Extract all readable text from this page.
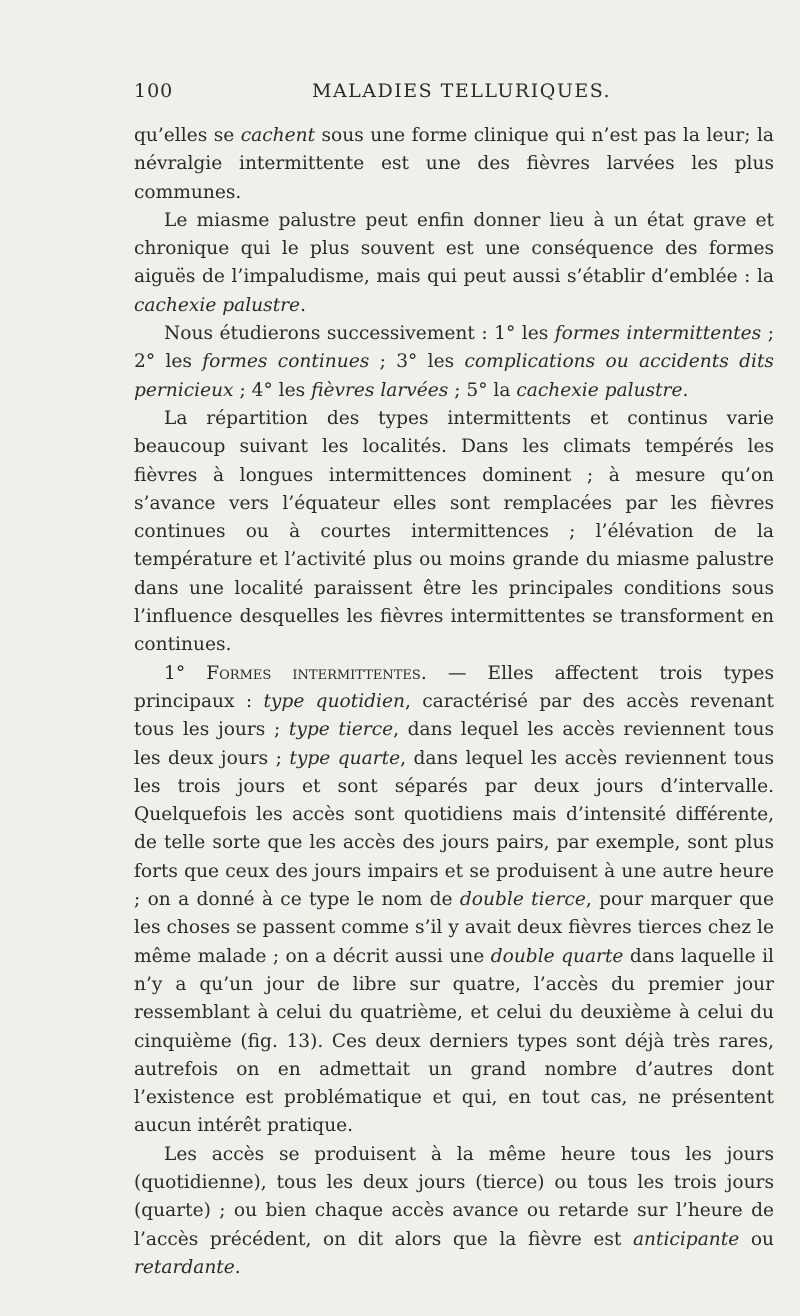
100	MALADIES TELLURIQUES.

qu’elles se cachent sous une forme clinique qui n’est pas la leur; la névralgie intermittente est une des fièvres larvées les plus communes.

Le miasme palustre peut enfin donner lieu à un état grave et chronique qui le plus souvent est une conséquence des formes aiguës de l’impaludisme, mais qui peut aussi s’établir d’emblée : la cachexie palustre.

Nous étudierons successivement : 1° les formes intermittentes ; 2° les formes continues ; 3° les complications ou accidents dits pernicieux ; 4° les fièvres larvées ; 5° la cachexie palustre.

La répartition des types intermittents et continus varie beaucoup suivant les localités. Dans les climats tempérés les fièvres à longues intermittences dominent ; à mesure qu’on s’avance vers l’équateur elles sont remplacées par les fièvres continues ou à courtes intermittences ; l’élévation de la température et l’activité plus ou moins grande du miasme palustre dans une localité paraissent être les principales conditions sous l’influence desquelles les fièvres intermittentes se transforment en continues.

1° Formes intermittentes. — Elles affectent trois types principaux : type quotidien, caractérisé par des accès revenant tous les jours ; type tierce, dans lequel les accès reviennent tous les deux jours ; type quarte, dans lequel les accès reviennent tous les trois jours et sont séparés par deux jours d’intervalle. Quelquefois les accès sont quotidiens mais d’intensité différente, de telle sorte que les accès des jours pairs, par exemple, sont plus forts que ceux des jours impairs et se produisent à une autre heure ; on a donné à ce type le nom de double tierce, pour marquer que les choses se passent comme s’il y avait deux fièvres tierces chez le même malade ; on a décrit aussi une double quarte dans laquelle il n’y a qu’un jour de libre sur quatre, l’accès du premier jour ressemblant à celui du quatrième, et celui du deuxième à celui du cinquième (fig. 13). Ces deux derniers types sont déjà très rares, autrefois on en admettait un grand nombre d’autres dont l’existence est problématique et qui, en tout cas, ne présentent aucun intérêt pratique.

Les accès se produisent à la même heure tous les jours (quotidienne), tous les deux jours (tierce) ou tous les trois jours (quarte) ; ou bien chaque accès avance ou retarde sur l’heure de l’accès précédent, on dit alors que la fièvre est anticipante ou retardante.
